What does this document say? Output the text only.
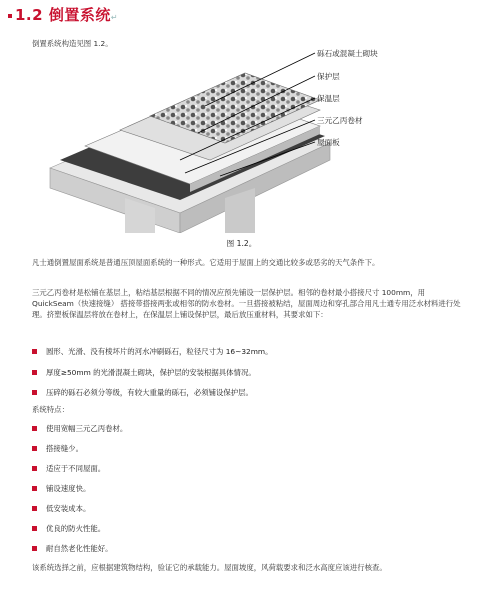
1.2 倒置系统↵
倒置系统构造见图 1.2。
砾石或混凝土砌块
保护层
保温层
三元乙丙卷材
屋面板
图 1.2。
凡士通倒置屋面系统是普通压顶屋面系统的一种形式。它适用于屋面上的交通比较多或恶劣的天气条件下。
三元乙丙卷材是松铺在基层上，粘结基层根据不同的情况应预先铺设一层保护层。相邻的卷材最小搭接尺寸 100mm，用 QuickSeam（快速接缝） 搭接带搭接两张或相邻的防水卷材。一旦搭接被粘结，屋面周边和穿孔部合用凡士通专用泛水材料进行处理。挤塑板保温层将放在卷材上，在保温层上铺设保护层，最后放压重材料，其要求如下：
圆形、光滑、没有棱坏片的河水冲刷砾石，粒径尺寸为 16~32mm。
厚度≥50mm 的光滑混凝土砌块，保护层的安装根据具体情况。
压碎的砾石必须分等级，有较大重量的砾石，必须铺设保护层。
系统特点：
使用宽幅三元乙丙卷材。
搭接缝少。
适应于不同屋面。
铺设速度快。
低安装成本。
优良的防火性能。
耐自然老化性能好。
该系统选择之前，应根据建筑物结构，验证它的承载能力。屋面坡度，风荷载要求和泛水高度应该进行核查。
